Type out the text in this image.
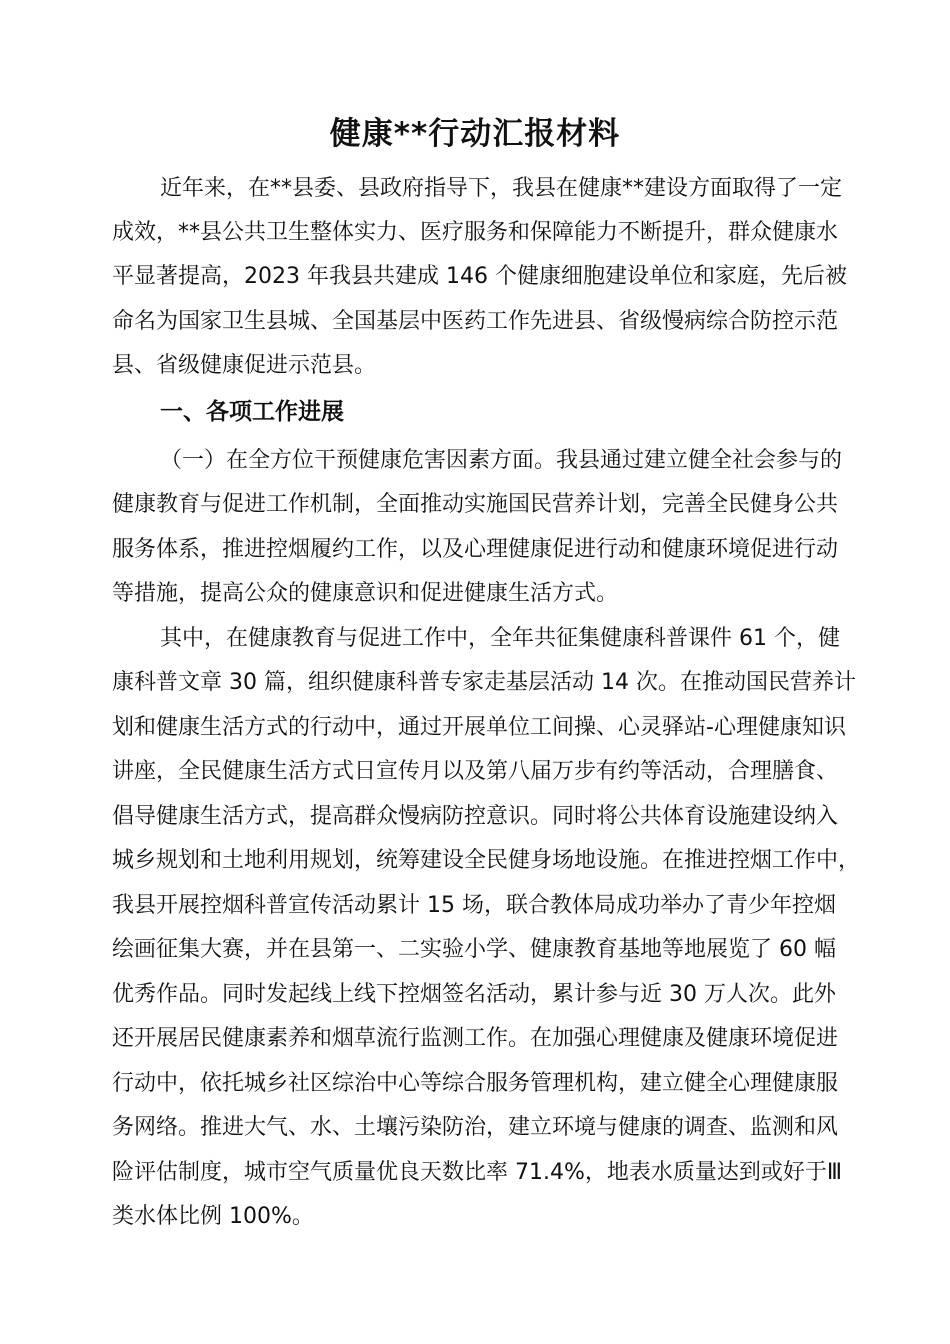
健康**行动汇报材料
近年来，在**县委、县政府指导下，我县在健康**建设方面取得了一定
成效，**县公共卫生整体实力、医疗服务和保障能力不断提升，群众健康水
平显著提高，2023 年我县共建成 146 个健康细胞建设单位和家庭，先后被
命名为国家卫生县城、全国基层中医药工作先进县、省级慢病综合防控示范
县、省级健康促进示范县。
一、各项工作进展
（一）在全方位干预健康危害因素方面。我县通过建立健全社会参与的
健康教育与促进工作机制，全面推动实施国民营养计划，完善全民健身公共
服务体系，推进控烟履约工作，以及心理健康促进行动和健康环境促进行动
等措施，提高公众的健康意识和促进健康生活方式。
其中，在健康教育与促进工作中，全年共征集健康科普课件 61 个，健
康科普文章 30 篇，组织健康科普专家走基层活动 14 次。在推动国民营养计
划和健康生活方式的行动中，通过开展单位工间操、心灵驿站-心理健康知识
讲座，全民健康生活方式日宣传月以及第八届万步有约等活动，合理膳食、
倡导健康生活方式，提高群众慢病防控意识。同时将公共体育设施建设纳入
城乡规划和土地利用规划，统筹建设全民健身场地设施。在推进控烟工作中，
我县开展控烟科普宣传活动累计 15 场，联合教体局成功举办了青少年控烟
绘画征集大赛，并在县第一、二实验小学、健康教育基地等地展览了 60 幅
优秀作品。同时发起线上线下控烟签名活动，累计参与近 30 万人次。此外
还开展居民健康素养和烟草流行监测工作。在加强心理健康及健康环境促进
行动中，依托城乡社区综治中心等综合服务管理机构，建立健全心理健康服
务网络。推进大气、水、土壤污染防治，建立环境与健康的调查、监测和风
险评估制度，城市空气质量优良天数比率 71.4%，地表水质量达到或好于Ⅲ
类水体比例 100%。
